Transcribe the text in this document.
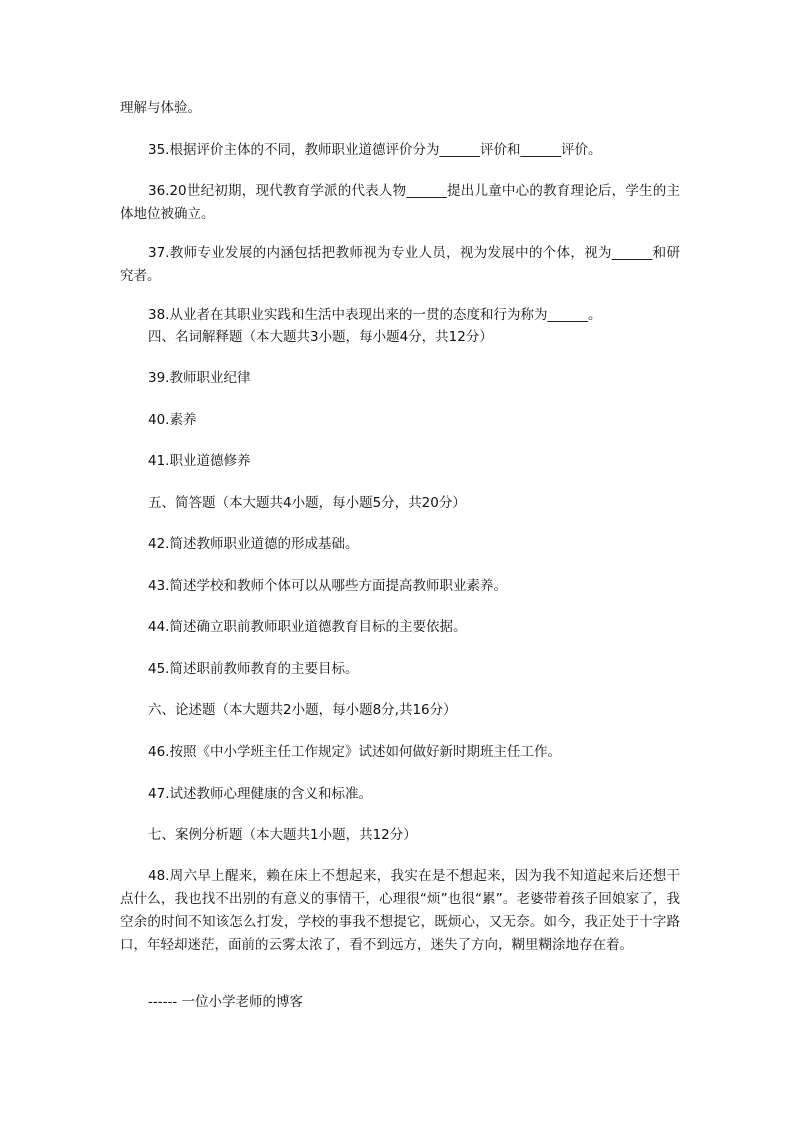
理解与体验。

35.根据评价主体的不同，教师职业道德评价分为______评价和______评价。

36.20世纪初期，现代教育学派的代表人物______提出儿童中心的教育理论后，学生的主体地位被确立。

37.教师专业发展的内涵包括把教师视为专业人员，视为发展中的个体，视为______和研究者。

38.从业者在其职业实践和生活中表现出来的一贯的态度和行为称为______。

四、名词解释题（本大题共3小题，每小题4分，共12分）

39.教师职业纪律

40.素养

41.职业道德修养

五、简答题（本大题共4小题，每小题5分，共20分）

42.简述教师职业道德的形成基础。

43.简述学校和教师个体可以从哪些方面提高教师职业素养。

44.简述确立职前教师职业道德教育目标的主要依据。

45.简述职前教师教育的主要目标。

六、论述题（本大题共2小题，每小题8分,共16分）

46.按照《中小学班主任工作规定》试述如何做好新时期班主任工作。

47.试述教师心理健康的含义和标准。

七、案例分析题（本大题共1小题，共12分）

48.周六早上醒来，赖在床上不想起来，我实在是不想起来，因为我不知道起来后还想干点什么，我也找不出别的有意义的事情干，心理很“烦”也很“累”。老婆带着孩子回娘家了，我空余的时间不知该怎么打发，学校的事我不想提它，既烦心，又无奈。如今，我正处于十字路口，年轻却迷茫，面前的云雾太浓了，看不到远方，迷失了方向，糊里糊涂地存在着。

------ 一位小学老师的博客
